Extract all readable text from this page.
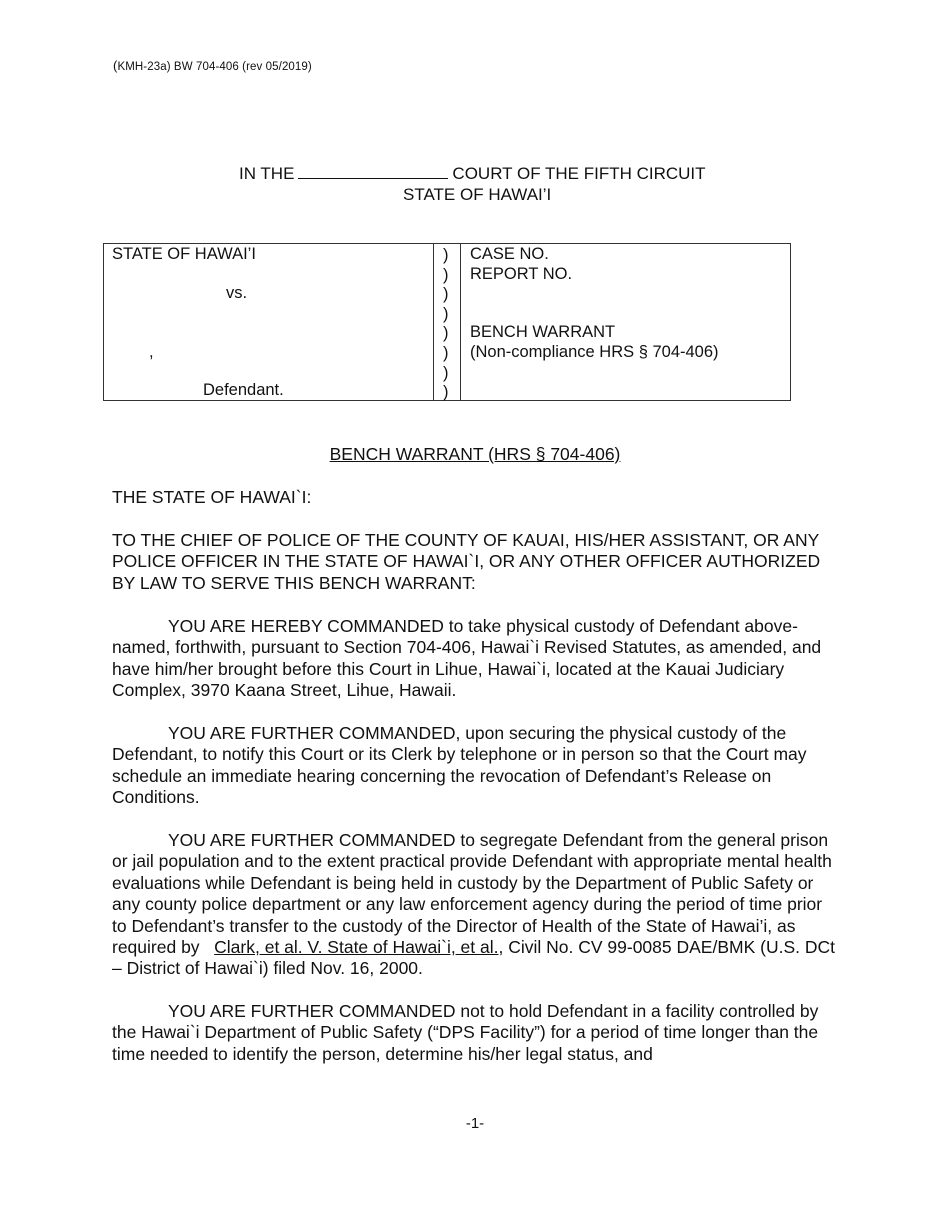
(KMH-23a) BW 704-406 (rev 05/2019)
IN THE	COURT OF THE FIFTH CIRCUIT
STATE OF HAWAI’I
STATE OF HAWAI’I
vs.
,
Defendant.
)
)
)
)
)
)
)
)
CASE NO.
REPORT NO.
BENCH WARRANT
(Non-compliance HRS § 704-406)
BENCH WARRANT (HRS § 704-406)
THE STATE OF HAWAI`I:
TO THE CHIEF OF POLICE OF THE COUNTY OF KAUAI, HIS/HER ASSISTANT, OR ANY POLICE OFFICER IN THE STATE OF HAWAI`I, OR ANY OTHER OFFICER AUTHORIZED BY LAW TO SERVE THIS BENCH WARRANT:
YOU ARE HEREBY COMMANDED to take physical custody of Defendant above-named, forthwith, pursuant to Section 704-406, Hawai`i Revised Statutes, as amended, and have him/her brought before this Court in Lihue, Hawai`i, located at the Kauai Judiciary Complex, 3970 Kaana Street, Lihue, Hawaii.
YOU ARE FURTHER COMMANDED, upon securing the physical custody of the Defendant, to notify this Court or its Clerk by telephone or in person so that the Court may schedule an immediate hearing concerning the revocation of Defendant’s Release on Conditions.
YOU ARE FURTHER COMMANDED to segregate Defendant from the general prison or jail population and to the extent practical provide Defendant with appropriate mental health evaluations while Defendant is being held in custody by the Department of Public Safety or any county police department or any law enforcement agency during the period of time prior to Defendant’s transfer to the custody of the Director of Health of the State of Hawai’i, as required by Clark, et al. V. State of Hawai`i, et al., Civil No. CV 99-0085 DAE/BMK (U.S. DCt – District of Hawai`i) filed Nov. 16, 2000.
YOU ARE FURTHER COMMANDED not to hold Defendant in a facility controlled by the Hawai`i Department of Public Safety (“DPS Facility”) for a period of time longer than the time needed to identify the person, determine his/her legal status, and
-1-
